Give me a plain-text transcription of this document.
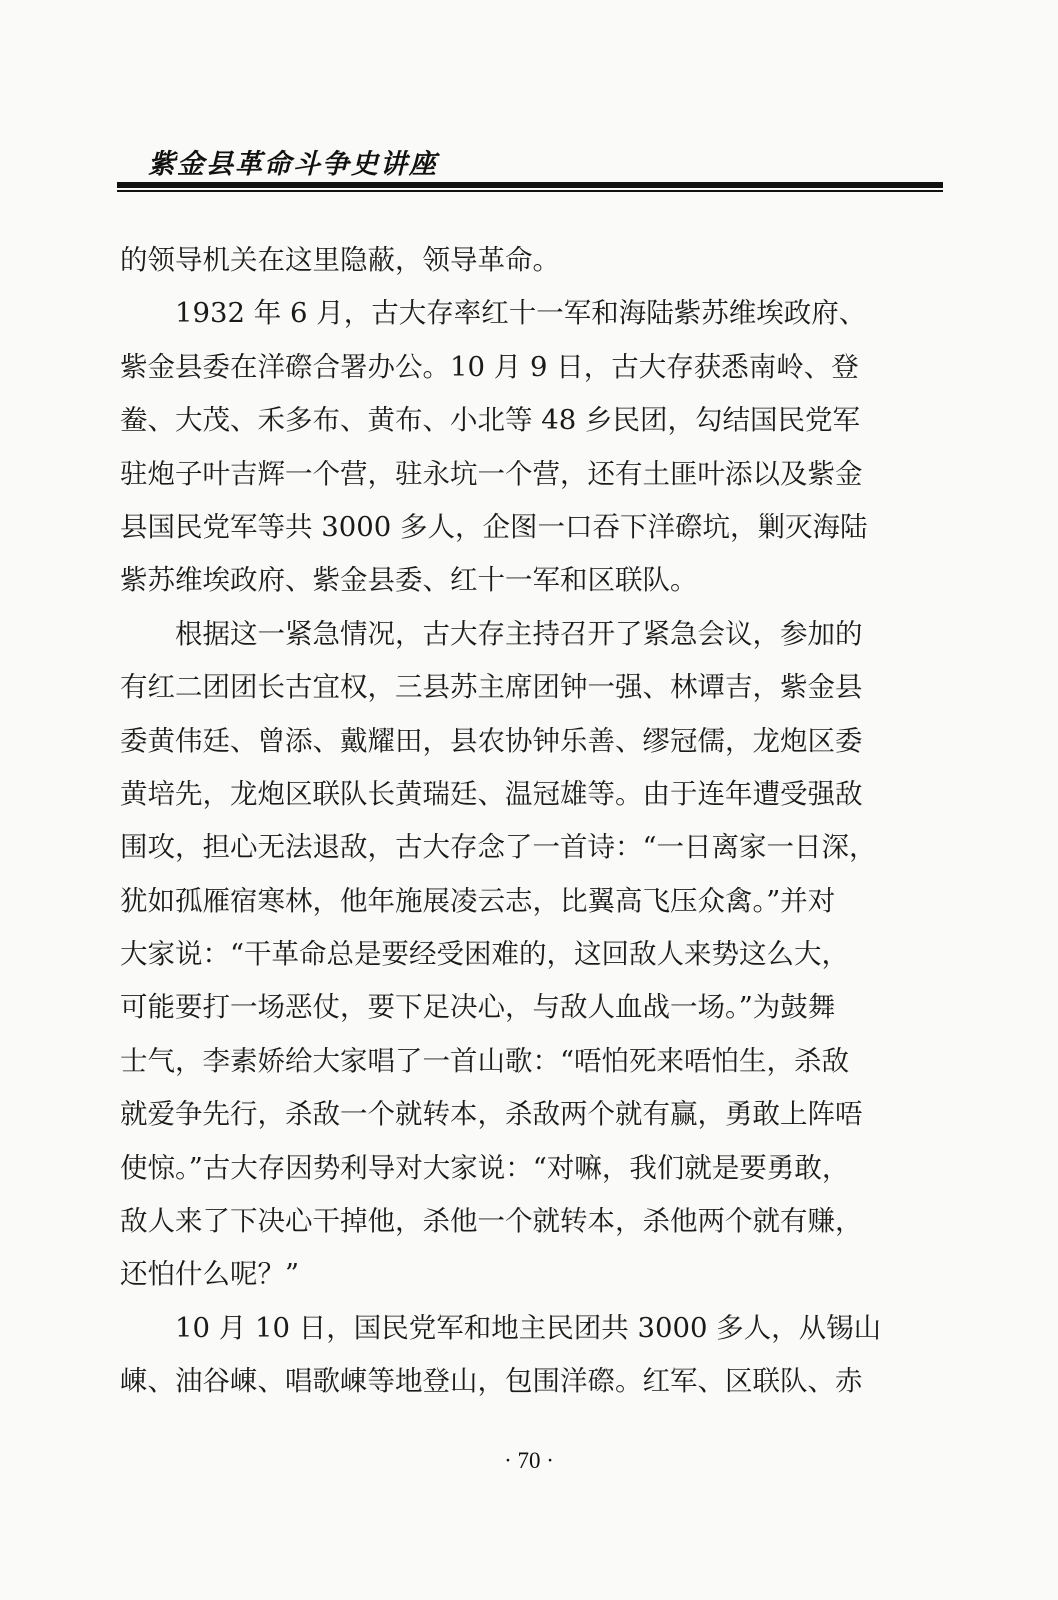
紫金县革命斗争史讲座
的领导机关在这里隐蔽，领导革命。
　　1932 年 6 月，古大存率红十一军和海陆紫苏维埃政府、
紫金县委在洋磜合署办公。10 月 9 日，古大存获悉南岭、登
鲞、大茂、禾多布、黄布、小北等 48 乡民团，勾结国民党军
驻炮子叶吉辉一个营，驻永坑一个营，还有土匪叶添以及紫金
县国民党军等共 3000 多人，企图一口吞下洋磜坑，剿灭海陆
紫苏维埃政府、紫金县委、红十一军和区联队。
　　根据这一紧急情况，古大存主持召开了紧急会议，参加的
有红二团团长古宜权，三县苏主席团钟一强、林谭吉，紫金县
委黄伟廷、曾添、戴耀田，县农协钟乐善、缪冠儒，龙炮区委
黄培先，龙炮区联队长黄瑞廷、温冠雄等。由于连年遭受强敌
围攻，担心无法退敌，古大存念了一首诗：“一日离家一日深，
犹如孤雁宿寒林，他年施展凌云志，比翼高飞压众禽。”并对
大家说：“干革命总是要经受困难的，这回敌人来势这么大，
可能要打一场恶仗，要下足决心，与敌人血战一场。”为鼓舞
士气，李素娇给大家唱了一首山歌：“唔怕死来唔怕生，杀敌
就爱争先行，杀敌一个就转本，杀敌两个就有赢，勇敢上阵唔
使惊。”古大存因势利导对大家说：“对嘛，我们就是要勇敢，
敌人来了下决心干掉他，杀他一个就转本，杀他两个就有赚，
还怕什么呢？”
　　10 月 10 日，国民党军和地主民团共 3000 多人，从锡山
崠、油谷崠、唱歌崠等地登山，包围洋磜。红军、区联队、赤
· 70 ·
